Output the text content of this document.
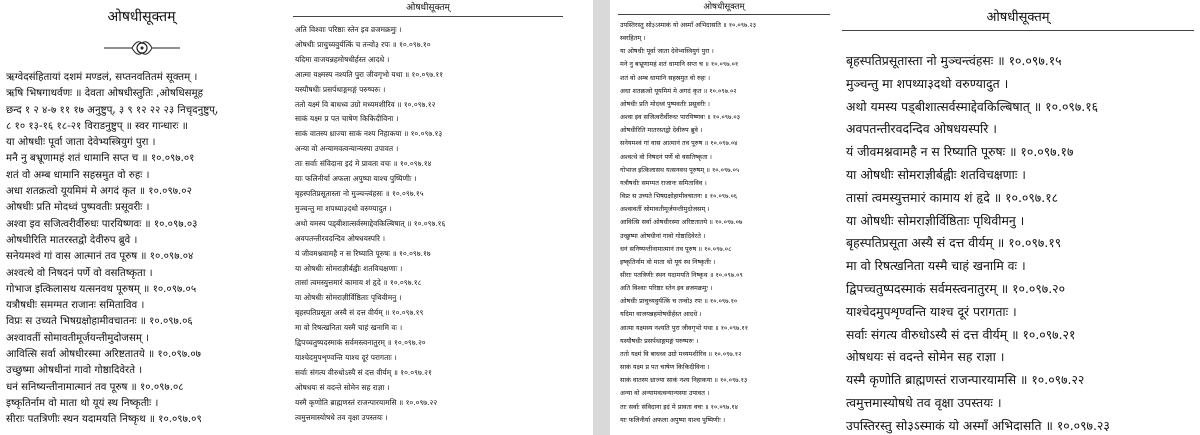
ओषधीसूक्तम्
ऋग्वेदसंहितायां दशमं मण्डलं, सप्तनवतितमं सूक्तम् ।
ऋषि भिषगाथर्वणः ॥ देवता ओषधीस्तुतिः ,ओषधिसमूह
छन्द १ २ ४-७ ११ १७ अनुष्टुप्, ३ ९ १२ २२ २३ निचृदनुष्टुप्,
८ १० १३-१६ १८-२१ विराडनुष्टुप् ॥ स्वर गान्धारः ॥
या ओषधीः पूर्वा जाता देवेभ्यस्त्रियुगं पुरा ।
मनै नु बभ्रूणामहं शतं धामानि सप्त च ॥ १०.०९७.०१
शतं वो अम्ब धामानि सहस्रमुत वो रुहः ।
अधा शतक्रत्वो यूयमिमं मे अगदं कृत ॥ १०.०९७.०२
ओषधीः प्रति मोदध्वं पुष्पवतीः प्रसूवरीः ।
अश्वा इव सजित्वरीर्वीरुधः पारयिष्णवः ॥ १०.०९७.०३
ओषधीरिति मातरस्तद्वो देवीरुप ब्रुवे ।
सनेयमश्वं गां वास आत्मानं तव पूरुष ॥ १०.०९७.०४
अश्वत्थे वो निषदनं पर्णे वो वसतिष्कृता ।
गोभाज इत्किलासथ यत्सनवथ पूरुषम् ॥ १०.०९७.०५
यत्रौषधीः समग्मत राजानः समिताविव ।
विप्रः स उच्यते भिषग्रक्षोहामीवचातनः ॥ १०.०९७.०६
अश्वावतीं सोमावतीमूर्जयन्तीमुदोजसम् ।
आवित्सि सर्वा ओषधीरस्मा अरिष्टतातये ॥ १०.०९७.०७
उच्छुष्मा ओषधीनां गावो गोष्ठादिवेरते ।
धनं सनिष्यन्तीनामात्मानं तव पूरुष ॥ १०.०९७.०८
इष्कृतिर्नाम वो माता थो यूयं स्थ निष्कृतीः ।
सीराः पतत्रिणीः स्थन यदामयति निष्कृथ ॥ १०.०९७.०९
ओषधीसूक्तम्
अति विश्वाः परिष्ठाः स्तेन इव व्रजमक्रमुः ।
ओषधीः प्राचुच्यवुर्यत्किं च तन्वो३ रपः ॥ १०.०९७.१०
यदिमा वाजयन्नहमोषधीर्हस्त आदधे ।
आत्मा यक्ष्मस्य नश्यति पुरा जीवगृभो यथा ॥ १०.०९७.११
यस्यौषधीः प्रसर्पथाङ्गमङ्गं परुष्परुः ।
ततो यक्ष्मं वि बाधध्व उग्रो मध्यमशीरिव ॥ १०.०९७.१२
साकं यक्ष्म प्र पत चाषेण किकिदीविना ।
साकं वातस्य ध्राज्या साकं नश्य निहाकया ॥ १०.०९७.१३
अन्या वो अन्यामवत्वन्यान्यस्या उपावत ।
ताः सर्वाः संविदाना इदं मे प्रावता वचः ॥ १०.०९७.१४
याः फलिनीर्या अफला अपुष्पा याश्च पुष्पिणीः ।
बृहस्पतिप्रसूतास्ता नो मुञ्चन्त्वंहसः ॥ १०.०९७.१५
मुञ्चन्तु मा शपथ्या३दथो वरुण्यादुत ।
अथो यमस्य पड्बीशात्सर्वस्माद्देवकिल्बिषात् ॥ १०.०९७.१६
अवपतन्तीरवदन्दिव ओषधयस्परि ।
यं जीवमश्नवामहै न स रिष्याति पूरुषः ॥ १०.०९७.१७
या ओषधीः सोमराज्ञीर्बह्वीः शतविचक्षणाः ।
तासां त्वमस्युत्तमारं कामाय शं हृदे ॥ १०.०९७.१८
या ओषधीः सोमराज्ञीर्विष्ठिताः पृथिवीमनु ।
बृहस्पतिप्रसूता अस्यै सं दत्त वीर्यम् ॥ १०.०९७.१९
मा वो रिषत्खनिता यस्मै चाहं खनामि वः ।
द्विपच्चतुष्पदस्माकं सर्वमस्त्वनातुरम् ॥ १०.०९७.२०
याश्चेदमुपशृण्वन्ति याश्च दूरं परागताः ।
सर्वाः संगत्य वीरुधोऽस्यै सं दत्त वीर्यम् ॥ १०.०९७.२१
ओषधयः सं वदन्ते सोमेन सह राज्ञा ।
यस्मै कृणोति ब्राह्मणस्तं राजन्पारयामसि ॥ १०.०९७.२२
त्वमुत्तमास्योषधे तव वृक्षा उपस्तयः ।
ओषधीसूक्तम्
उपस्तिरस्तु सो३ऽस्माकं यो अस्माँ अभिदासति ॥ १०.०९७.२३
स्वरहितम् ।
या ओषधीः पूर्वा जाता देवेभ्यस्त्रियुगं पुरा ।
मने नु बभ्रूणामहं शतं धामानि सप्त च ॥ १०.०९७.०१
शतं वो अम्ब धामानि सहस्रमुत वो रुहः ।
अधा शतक्रत्वो यूयमिमं मे अगदं कृत ॥ १०.०९७.०२
ओषधीः प्रति मोदध्वं पुष्पवतीः प्रसूवरीः ।
अश्वा इव सजित्वरीर्वीरुधः पारयिष्णवः ॥ १०.०९७.०३
ओषधीरिति मातरस्तद्वो देवीरुप ब्रुवे ।
सनेयमश्वं गां वास आत्मानं तव पूरुष ॥ १०.०९७.०४
अश्वत्थे वो निषदनं पर्णे वो वसतिष्कृता ।
गोभाज इत्किलासथ यत्सनवथ पूरुषम् ॥ १०.०९७.०५
यत्रौषधीः समग्मत राजानः समिताविव ।
विप्रः स उच्यते भिषग्रक्षोहामीवचातनः ॥ १०.०९७.०६
अश्वावतीं सोमावतीमूर्जयन्तीमुदोजसम् ।
आवित्सि सर्वा ओषधीरस्मा अरिष्टतातये ॥ १०.०९७.०७
उच्छुष्मा ओषधीनां गावो गोष्ठादिवेरते ।
धनं सनिष्यन्तीनामात्मानं तव पूरुष ॥ १०.०९७.०८
इष्कृतिर्नाम वो माता थो यूयं स्थ निष्कृतीः ।
सीराः पतत्रिणीः स्थन यदामयति निष्कृथ ॥ १०.०९७.०९
अति विश्वाः परिष्ठाः स्तेन इव व्रजमक्रमुः ।
ओषधीः प्राचुच्यवुर्यत्किं च तन्वो३ रपः ॥ १०.०९७.१०
यदिमा वाजयन्नहमोषधीर्हस्त आदधे ।
आत्मा यक्ष्मस्य नश्यति पुरा जीवगृभो यथा ॥ १०.०९७.११
यस्यौषधीः प्रसर्पथाङ्गमङ्गं परुष्परुः ।
ततो यक्ष्मं वि बाधध्व उग्रो मध्यमशीरिव ॥ १०.०९७.१२
साकं यक्ष्म प्र पत चाषेण किकिदीविना ।
साकं वातस्य ध्राज्या साकं नश्य निहाकया ॥ १०.०९७.१३
अन्या वो अन्यामवत्वन्यान्यस्या उपावत ।
ताः सर्वाः संविदाना इदं मे प्रावता वचः ॥ १०.०९७.१४
याः फलिनीर्या अफला अपुष्पा याश्च पुष्पिणीः ।
ओषधीसूक्तम्
बृहस्पतिप्रसूतास्ता नो मुञ्चन्त्वंहसः ॥ १०.०९७.१५
मुञ्चन्तु मा शपथ्या३दथो वरुण्यादुत ।
अथो यमस्य पड्बीशात्सर्वस्माद्देवकिल्बिषात् ॥ १०.०९७.१६
अवपतन्तीरवदन्दिव ओषधयस्परि ।
यं जीवमश्नवामहै न स रिष्याति पूरुषः ॥ १०.०९७.१७
या ओषधीः सोमराज्ञीर्बह्वीः शतविचक्षणाः ।
तासां त्वमस्युत्तमारं कामाय शं हृदे ॥ १०.०९७.१८
या ओषधीः सोमराज्ञीर्विष्ठिताः पृथिवीमनु ।
बृहस्पतिप्रसूता अस्यै सं दत्त वीर्यम् ॥ १०.०९७.१९
मा वो रिषत्खनिता यस्मै चाहं खनामि वः ।
द्विपच्चतुष्पदस्माकं सर्वमस्त्वनातुरम् ॥ १०.०९७.२०
याश्चेदमुपशृण्वन्ति याश्च दूरं परागताः ।
सर्वाः संगत्य वीरुधोऽस्यै सं दत्त वीर्यम् ॥ १०.०९७.२१
ओषधयः सं वदन्ते सोमेन सह राज्ञा ।
यस्मै कृणोति ब्राह्मणस्तं राजन्पारयामसि ॥ १०.०९७.२२
त्वमुत्तमास्योषधे तव वृक्षा उपस्तयः ।
उपस्तिरस्तु सो३ऽस्माकं यो अस्माँ अभिदासति ॥ १०.०९७.२३
